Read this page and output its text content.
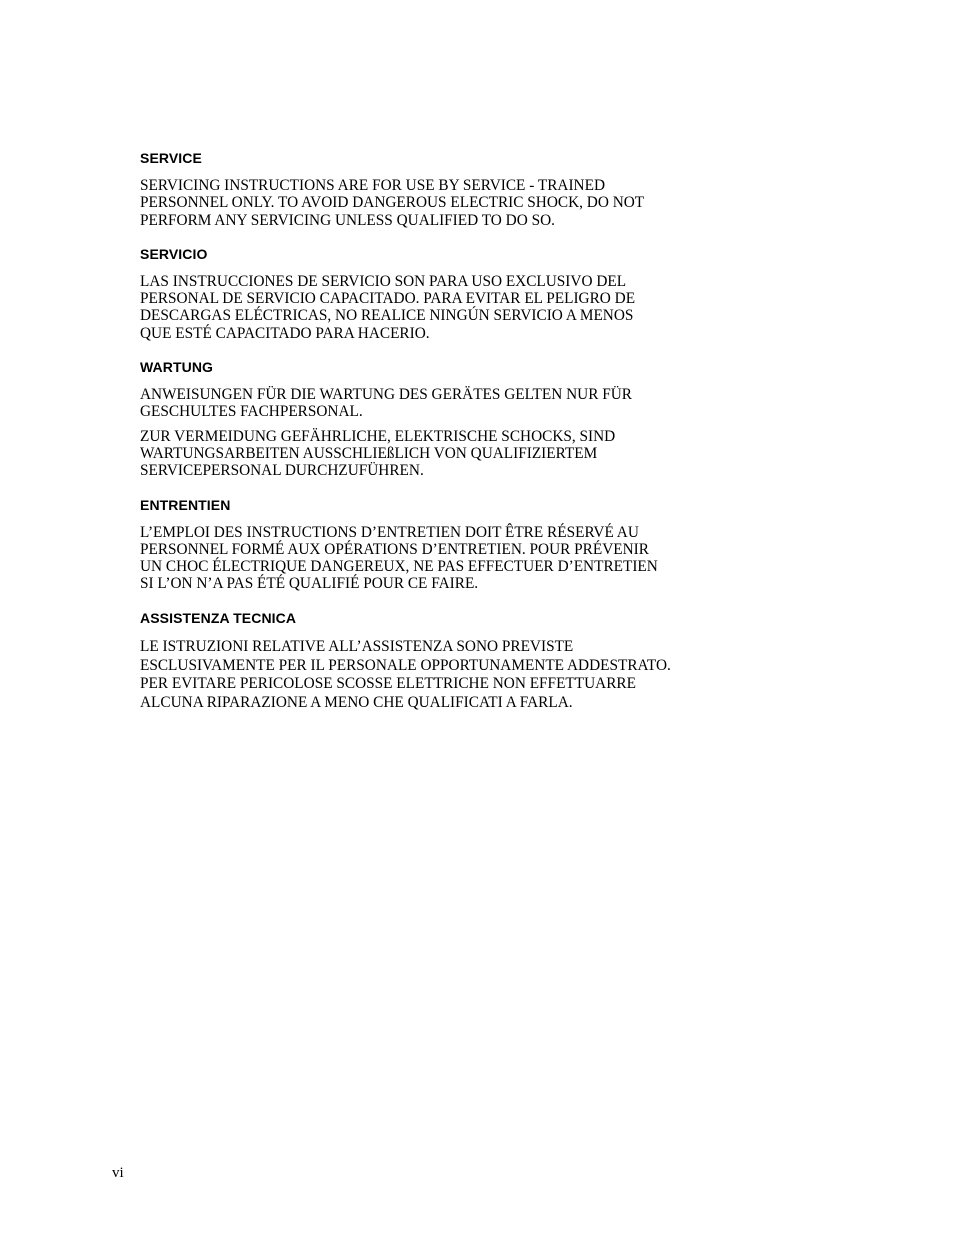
SERVICE

SERVICING INSTRUCTIONS ARE FOR USE BY SERVICE - TRAINED
PERSONNEL ONLY. TO AVOID DANGEROUS ELECTRIC SHOCK, DO NOT
PERFORM ANY SERVICING UNLESS QUALIFIED TO DO SO.

SERVICIO

LAS INSTRUCCIONES DE SERVICIO SON PARA USO EXCLUSIVO DEL
PERSONAL DE SERVICIO CAPACITADO. PARA EVITAR EL PELIGRO DE
DESCARGAS ELÉCTRICAS, NO REALICE NINGÚN SERVICIO A MENOS
QUE ESTÉ CAPACITADO PARA HACERIO.

WARTUNG

ANWEISUNGEN FÜR DIE WARTUNG DES GERÄTES GELTEN NUR FÜR
GESCHULTES FACHPERSONAL.

ZUR VERMEIDUNG GEFÄHRLICHE, ELEKTRISCHE SCHOCKS, SIND
WARTUNGSARBEITEN AUSSCHLIEßLICH VON QUALIFIZIERTEM
SERVICEPERSONAL DURCHZUFÜHREN.

ENTRENTIEN

L’EMPLOI DES INSTRUCTIONS D’ENTRETIEN DOIT ÊTRE RÉSERVÉ AU
PERSONNEL FORMÉ AUX OPÉRATIONS D’ENTRETIEN. POUR PRÉVENIR
UN CHOC ÉLECTRIQUE DANGEREUX, NE PAS EFFECTUER D’ENTRETIEN
SI L’ON N’A PAS ÉTÉ QUALIFIÉ POUR CE FAIRE.

ASSISTENZA TECNICA

LE ISTRUZIONI RELATIVE ALL’ASSISTENZA SONO PREVISTE
ESCLUSIVAMENTE PER IL PERSONALE OPPORTUNAMENTE ADDESTRATO.
PER EVITARE PERICOLOSE SCOSSE ELETTRICHE NON EFFETTUARRE
ALCUNA RIPARAZIONE A MENO CHE QUALIFICATI A FARLA.

vi
